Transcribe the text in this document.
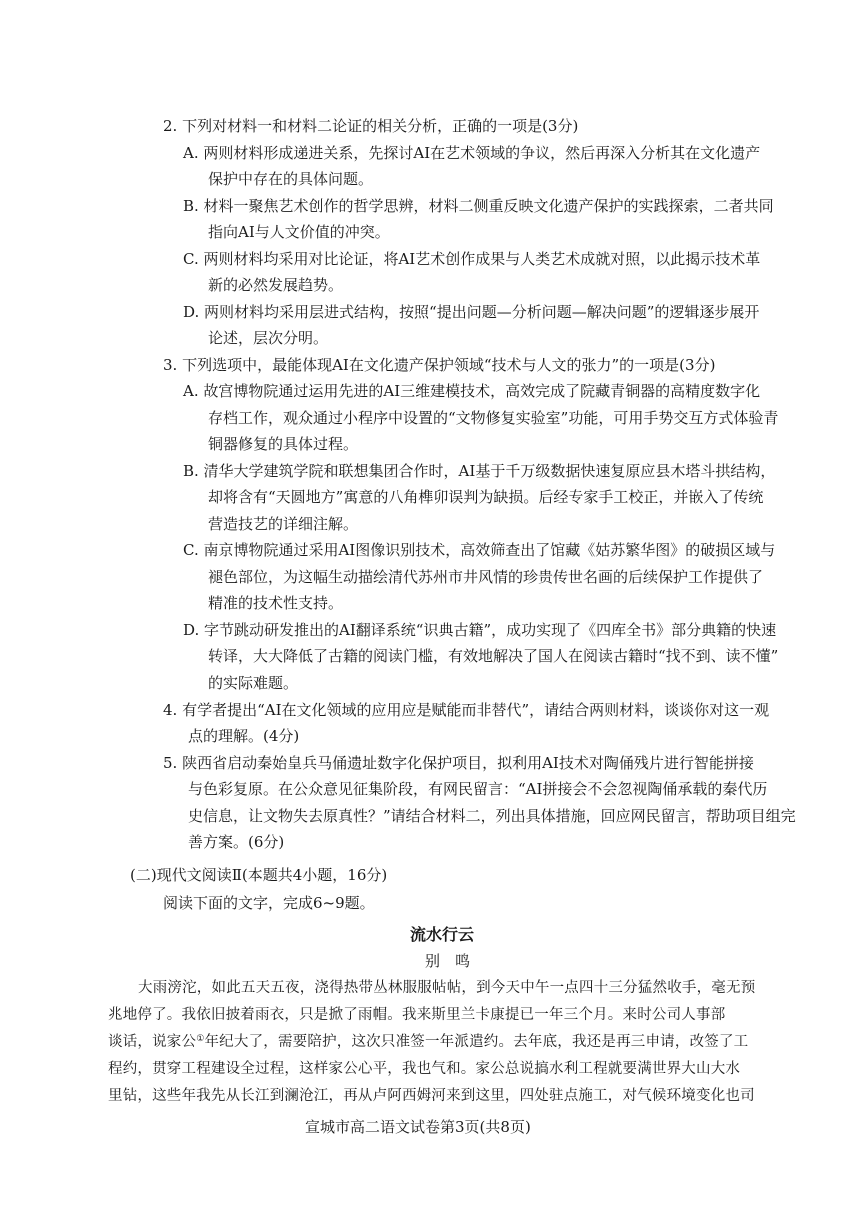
2. 下列对材料一和材料二论证的相关分析，正确的一项是(3分)
A. 两则材料形成递进关系，先探讨AI在艺术领域的争议，然后再深入分析其在文化遗产
保护中存在的具体问题。
B. 材料一聚焦艺术创作的哲学思辨，材料二侧重反映文化遗产保护的实践探索，二者共同
指向AI与人文价值的冲突。
C. 两则材料均采用对比论证，将AI艺术创作成果与人类艺术成就对照，以此揭示技术革
新的必然发展趋势。
D. 两则材料均采用层进式结构，按照“提出问题—分析问题—解决问题”的逻辑逐步展开
论述，层次分明。
3. 下列选项中，最能体现AI在文化遗产保护领域“技术与人文的张力”的一项是(3分)
A. 故宫博物院通过运用先进的AI三维建模技术，高效完成了院藏青铜器的高精度数字化
存档工作，观众通过小程序中设置的“文物修复实验室”功能，可用手势交互方式体验青
铜器修复的具体过程。
B. 清华大学建筑学院和联想集团合作时，AI基于千万级数据快速复原应县木塔斗拱结构，
却将含有“天圆地方”寓意的八角榫卯误判为缺损。后经专家手工校正，并嵌入了传统
营造技艺的详细注解。
C. 南京博物院通过采用AI图像识别技术，高效筛查出了馆藏《姑苏繁华图》的破损区域与
褪色部位，为这幅生动描绘清代苏州市井风情的珍贵传世名画的后续保护工作提供了
精准的技术性支持。
D. 字节跳动研发推出的AI翻译系统“识典古籍”，成功实现了《四库全书》部分典籍的快速
转译，大大降低了古籍的阅读门槛，有效地解决了国人在阅读古籍时“找不到、读不懂”
的实际难题。
4. 有学者提出“AI在文化领域的应用应是赋能而非替代”，请结合两则材料，谈谈你对这一观
点的理解。(4分)
5. 陕西省启动秦始皇兵马俑遗址数字化保护项目，拟利用AI技术对陶俑残片进行智能拼接
与色彩复原。在公众意见征集阶段，有网民留言：“AI拼接会不会忽视陶俑承载的秦代历
史信息，让文物失去原真性？”请结合材料二，列出具体措施，回应网民留言，帮助项目组完
善方案。(6分)
(二)现代文阅读Ⅱ(本题共4小题，16分)
阅读下面的文字，完成6~9题。
流水行云
别　鸣
大雨滂沱，如此五天五夜，浇得热带丛林服服帖帖，到今天中午一点四十三分猛然收手，毫无预
兆地停了。我依旧披着雨衣，只是掀了雨帽。我来斯里兰卡康提已一年三个月。来时公司人事部
谈话，说家公①年纪大了，需要陪护，这次只准签一年派遣约。去年底，我还是再三申请，改签了工
程约，贯穿工程建设全过程，这样家公心平，我也气和。家公总说搞水利工程就要满世界大山大水
里钻，这些年我先从长江到澜沧江，再从卢阿西姆河来到这里，四处驻点施工，对气候环境变化也司
宣城市高二语文试卷第3页(共8页)
